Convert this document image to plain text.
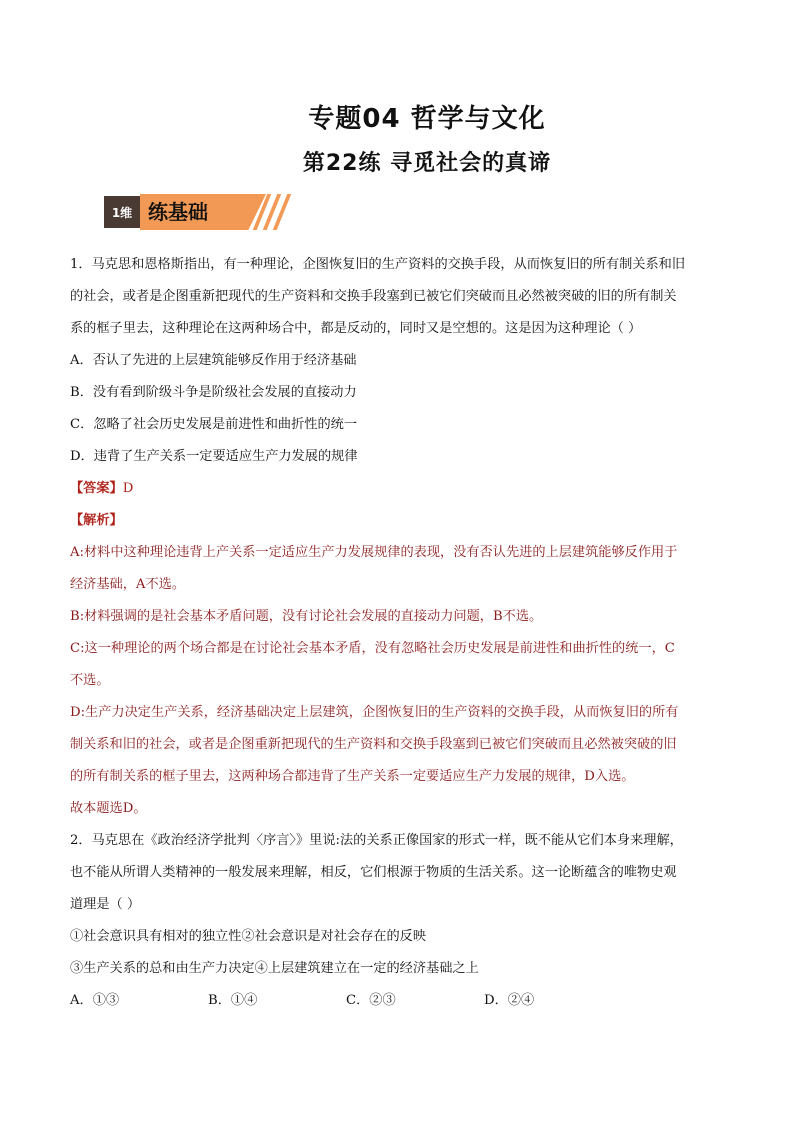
专题04 哲学与文化
第22练 寻觅社会的真谛
1维 练基础
1．马克思和恩格斯指出，有一种理论，企图恢复旧的生产资料的交换手段，从而恢复旧的所有制关系和旧
的社会，或者是企图重新把现代的生产资料和交换手段塞到已被它们突破而且必然被突破的旧的所有制关
系的框子里去，这种理论在这两种场合中，都是反动的，同时又是空想的。这是因为这种理论（ ）
A．否认了先进的上层建筑能够反作用于经济基础
B．没有看到阶级斗争是阶级社会发展的直接动力
C．忽略了社会历史发展是前进性和曲折性的统一
D．违背了生产关系一定要适应生产力发展的规律
【答案】D
【解析】
A:材料中这种理论违背上产关系一定适应生产力发展规律的表现，没有否认先进的上层建筑能够反作用于
经济基础，A不选。
B:材料强调的是社会基本矛盾问题，没有讨论社会发展的直接动力问题，B不选。
C:这一种理论的两个场合都是在讨论社会基本矛盾，没有忽略社会历史发展是前进性和曲折性的统一，C
不选。
D:生产力决定生产关系，经济基础决定上层建筑，企图恢复旧的生产资料的交换手段，从而恢复旧的所有
制关系和旧的社会，或者是企图重新把现代的生产资料和交换手段塞到已被它们突破而且必然被突破的旧
的所有制关系的框子里去，这两种场合都违背了生产关系一定要适应生产力发展的规律，D入选。
故本题选D。
2．马克思在《政治经济学批判〈序言〉》里说:法的关系正像国家的形式一样，既不能从它们本身来理解，
也不能从所谓人类精神的一般发展来理解，相反，它们根源于物质的生活关系。这一论断蕴含的唯物史观
道理是（ ）
①社会意识具有相对的独立性②社会意识是对社会存在的反映
③生产关系的总和由生产力决定④上层建筑建立在一定的经济基础之上
A．①③	B．①④	C．②③	D．②④
